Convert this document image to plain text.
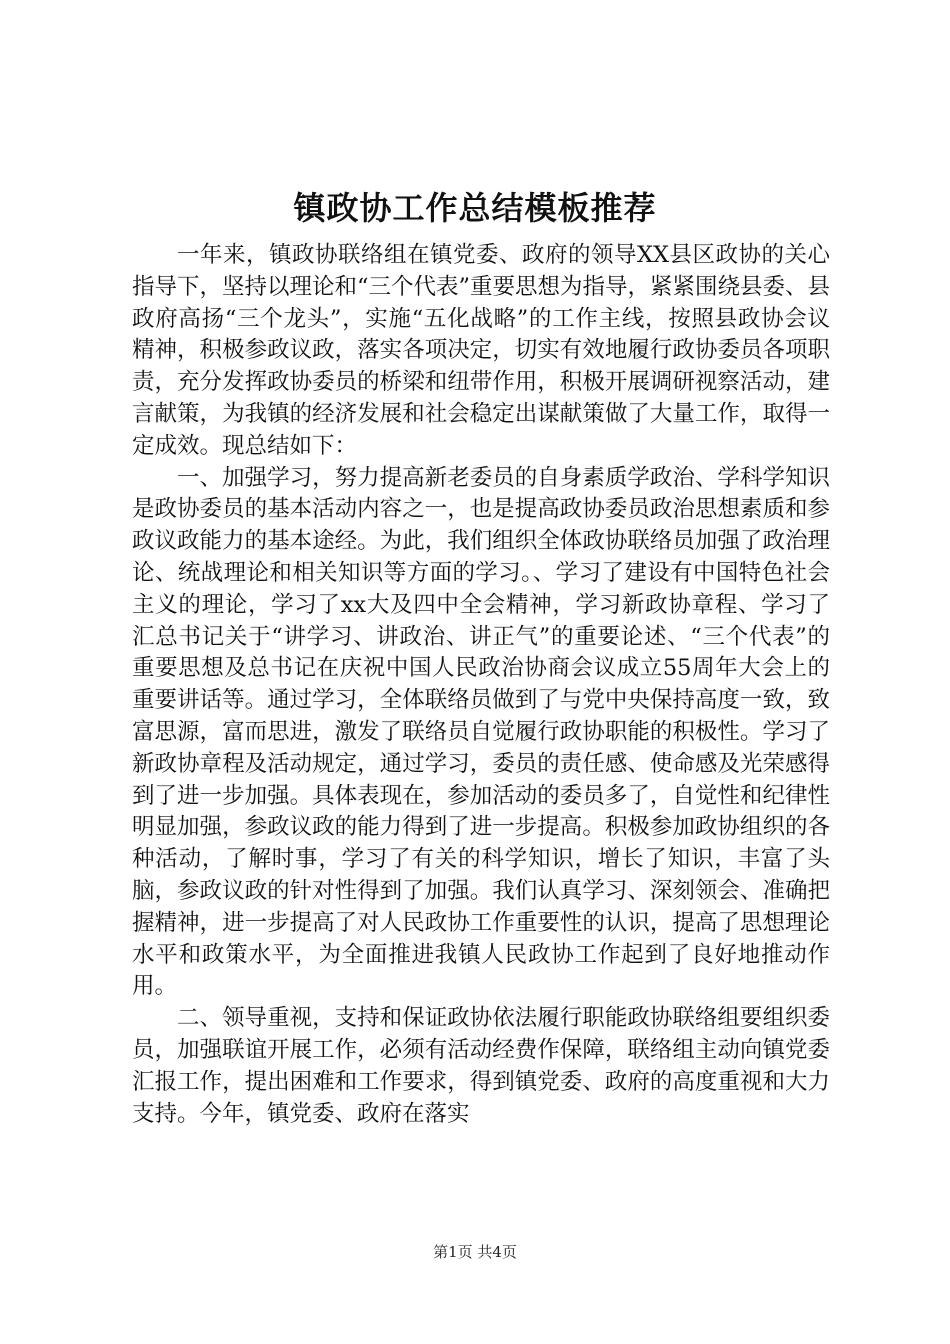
镇政协工作总结模板推荐

一年来，镇政协联络组在镇党委、政府的领导XX县区政协的关心指导下，坚持以理论和“三个代表”重要思想为指导，紧紧围绕县委、县政府高扬“三个龙头”，实施“五化战略”的工作主线，按照县政协会议精神，积极参政议政，落实各项决定，切实有效地履行政协委员各项职责，充分发挥政协委员的桥梁和纽带作用，积极开展调研视察活动，建言献策，为我镇的经济发展和社会稳定出谋献策做了大量工作，取得一定成效。现总结如下：

一、加强学习，努力提高新老委员的自身素质学政治、学科学知识是政协委员的基本活动内容之一，也是提高政协委员政治思想素质和参政议政能力的基本途经。为此，我们组织全体政协联络员加强了政治理论、统战理论和相关知识等方面的学习。、学习了建设有中国特色社会主义的理论，学习了xx大及四中全会精神，学习新政协章程、学习了汇总书记关于“讲学习、讲政治、讲正气”的重要论述、“三个代表”的重要思想及总书记在庆祝中国人民政治协商会议成立55周年大会上的重要讲话等。通过学习，全体联络员做到了与党中央保持高度一致，致富思源，富而思进，激发了联络员自觉履行政协职能的积极性。学习了新政协章程及活动规定，通过学习，委员的责任感、使命感及光荣感得到了进一步加强。具体表现在，参加活动的委员多了，自觉性和纪律性明显加强，参政议政的能力得到了进一步提高。积极参加政协组织的各种活动，了解时事，学习了有关的科学知识，增长了知识，丰富了头脑，参政议政的针对性得到了加强。我们认真学习、深刻领会、准确把握精神，进一步提高了对人民政协工作重要性的认识，提高了思想理论水平和政策水平，为全面推进我镇人民政协工作起到了良好地推动作用。

二、领导重视，支持和保证政协依法履行职能政协联络组要组织委员，加强联谊开展工作，必须有活动经费作保障，联络组主动向镇党委汇报工作，提出困难和工作要求，得到镇党委、政府的高度重视和大力支持。今年，镇党委、政府在落实

第1页 共4页
